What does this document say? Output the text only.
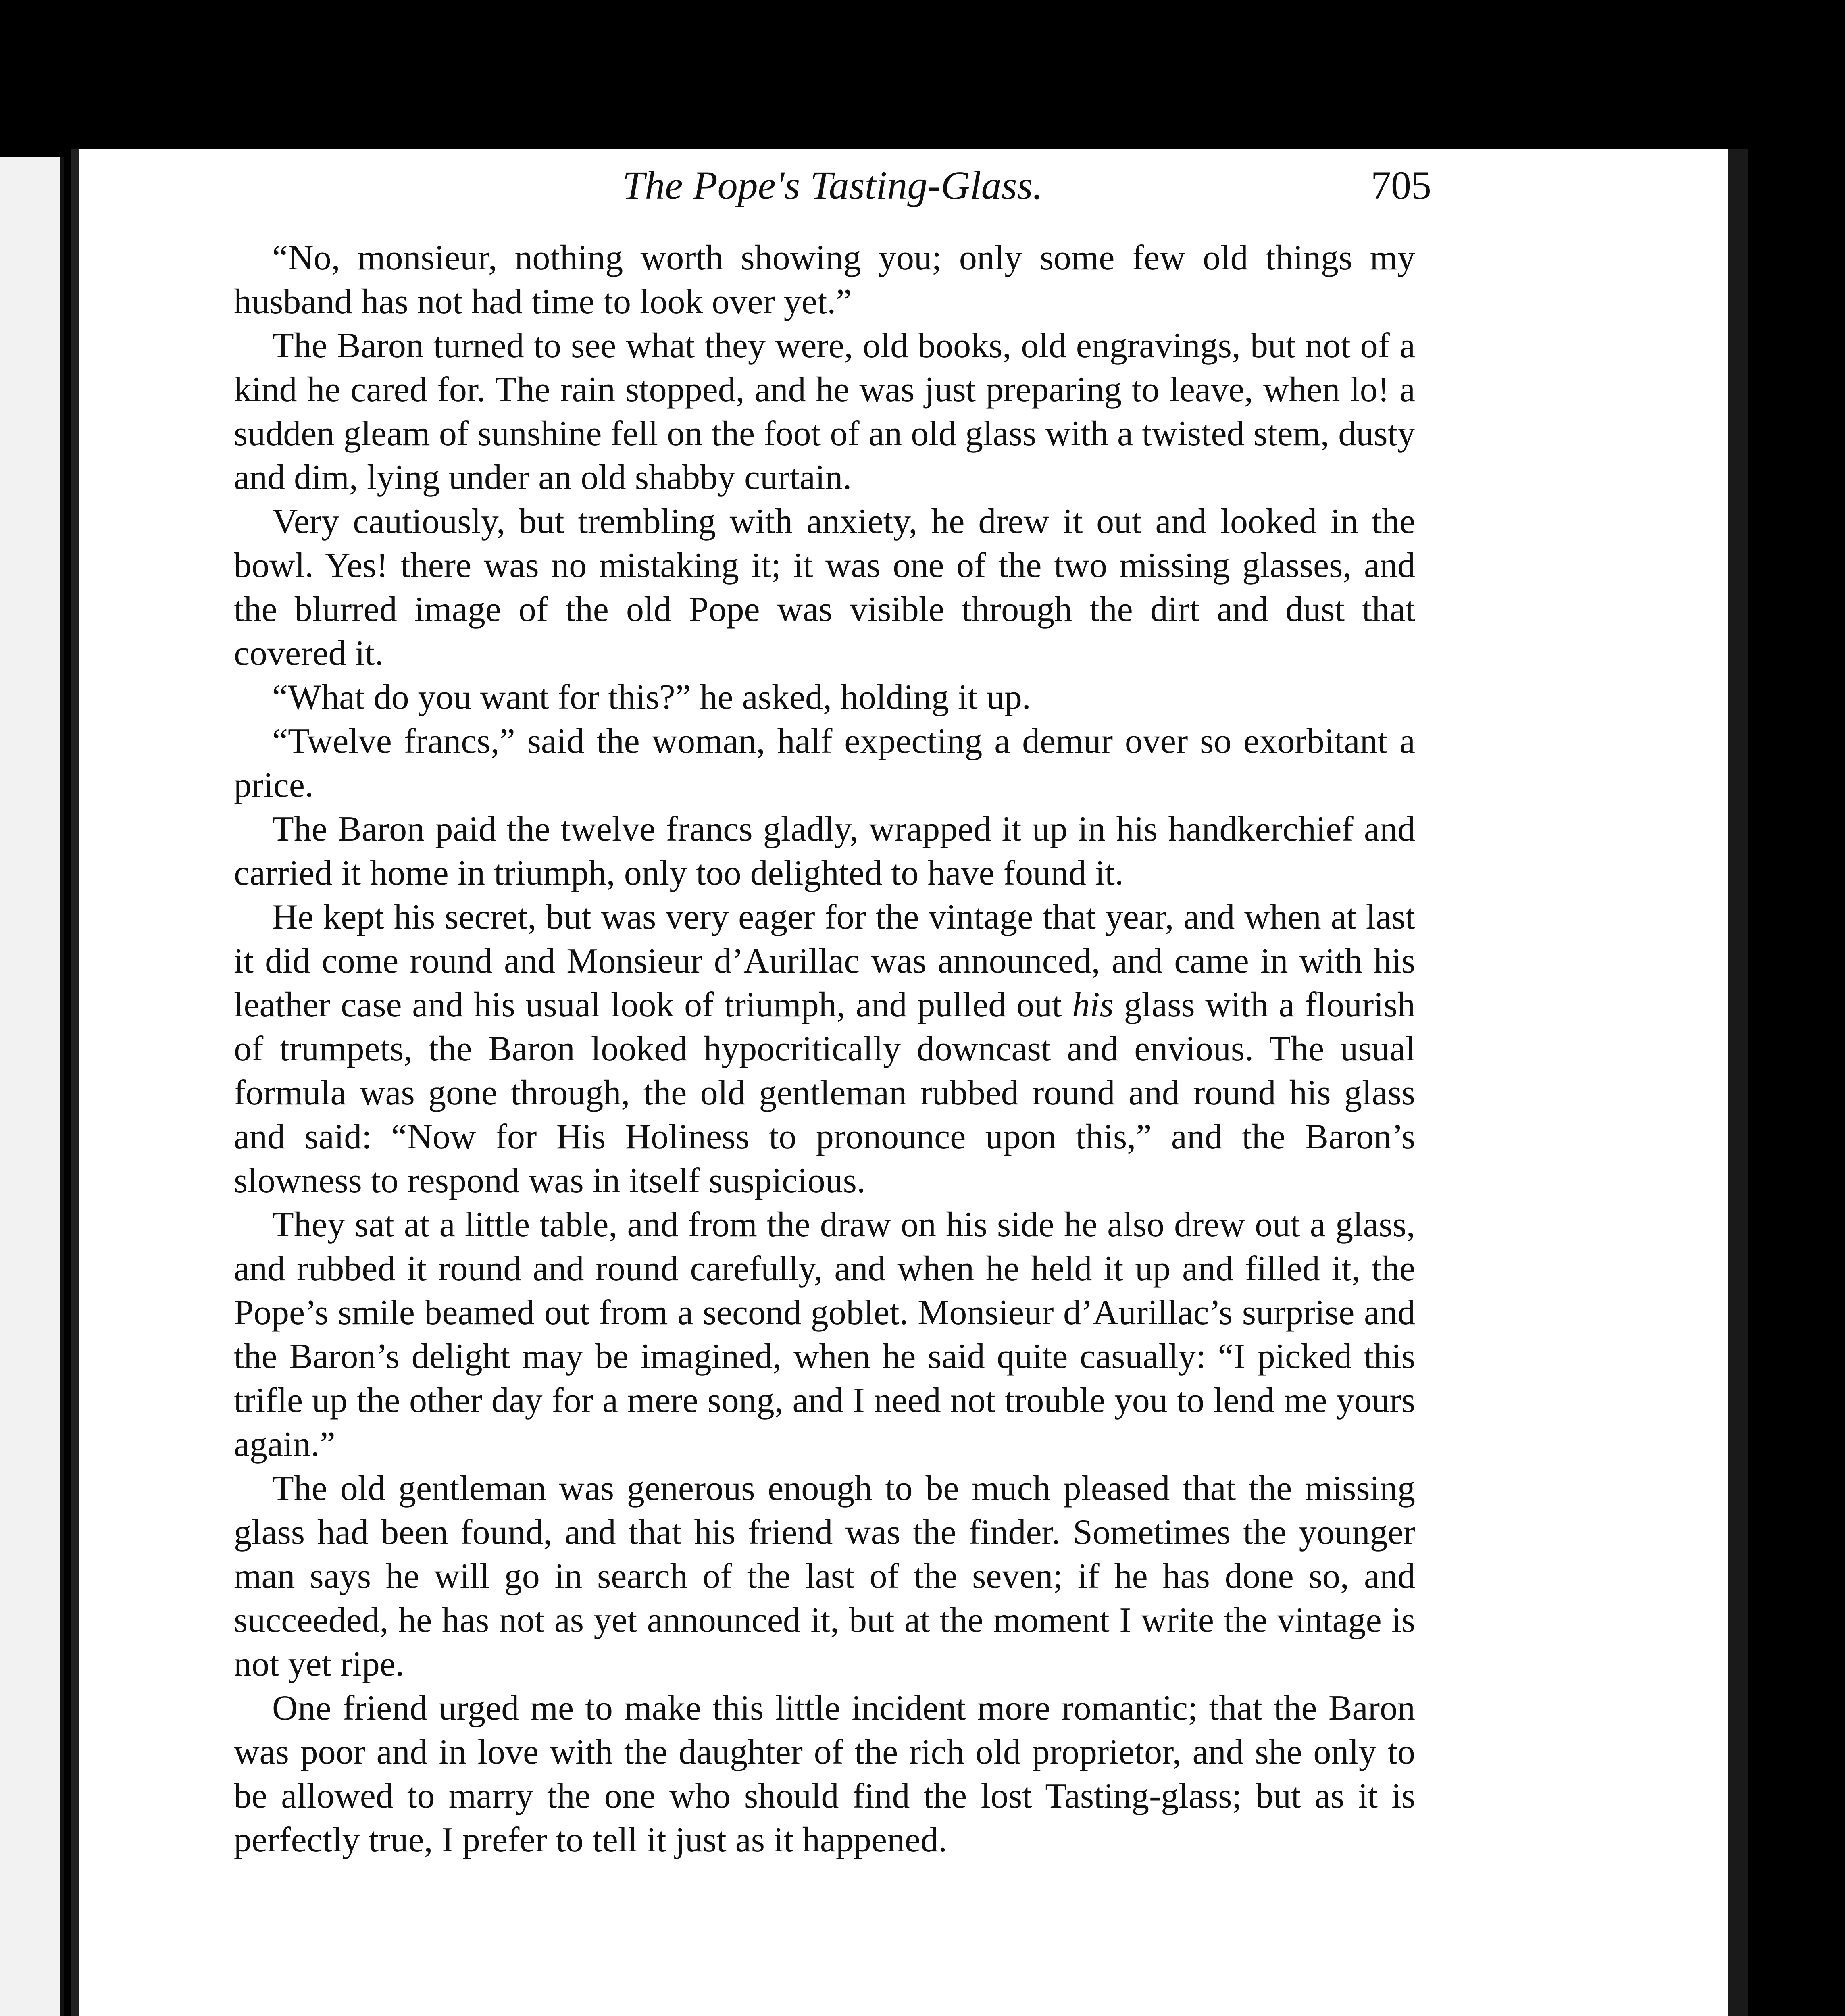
The Pope's Tasting-Glass.	705

“No, monsieur, nothing worth showing you; only some few old things my husband has not had time to look over yet.”

The Baron turned to see what they were, old books, old engravings, but not of a kind he cared for. The rain stopped, and he was just preparing to leave, when lo! a sudden gleam of sunshine fell on the foot of an old glass with a twisted stem, dusty and dim, lying under an old shabby curtain.

Very cautiously, but trembling with anxiety, he drew it out and looked in the bowl. Yes! there was no mistaking it; it was one of the two missing glasses, and the blurred image of the old Pope was visible through the dirt and dust that covered it.

“What do you want for this?” he asked, holding it up.

“Twelve francs,” said the woman, half expecting a demur over so exorbitant a price.

The Baron paid the twelve francs gladly, wrapped it up in his handkerchief and carried it home in triumph, only too delighted to have found it.

He kept his secret, but was very eager for the vintage that year, and when at last it did come round and Monsieur d’Aurillac was announced, and came in with his leather case and his usual look of triumph, and pulled out his glass with a flourish of trumpets, the Baron looked hypocritically downcast and envious. The usual formula was gone through, the old gentleman rubbed round and round his glass and said: “Now for His Holiness to pronounce upon this,” and the Baron’s slowness to respond was in itself suspicious.

They sat at a little table, and from the draw on his side he also drew out a glass, and rubbed it round and round carefully, and when he held it up and filled it, the Pope’s smile beamed out from a second goblet. Monsieur d’Aurillac’s surprise and the Baron’s delight may be imagined, when he said quite casually: “I picked this trifle up the other day for a mere song, and I need not trouble you to lend me yours again.”

The old gentleman was generous enough to be much pleased that the missing glass had been found, and that his friend was the finder. Sometimes the younger man says he will go in search of the last of the seven; if he has done so, and succeeded, he has not as yet announced it, but at the moment I write the vintage is not yet ripe.

One friend urged me to make this little incident more romantic; that the Baron was poor and in love with the daughter of the rich old proprietor, and she only to be allowed to marry the one who should find the lost Tasting-glass; but as it is perfectly true, I prefer to tell it just as it happened.
